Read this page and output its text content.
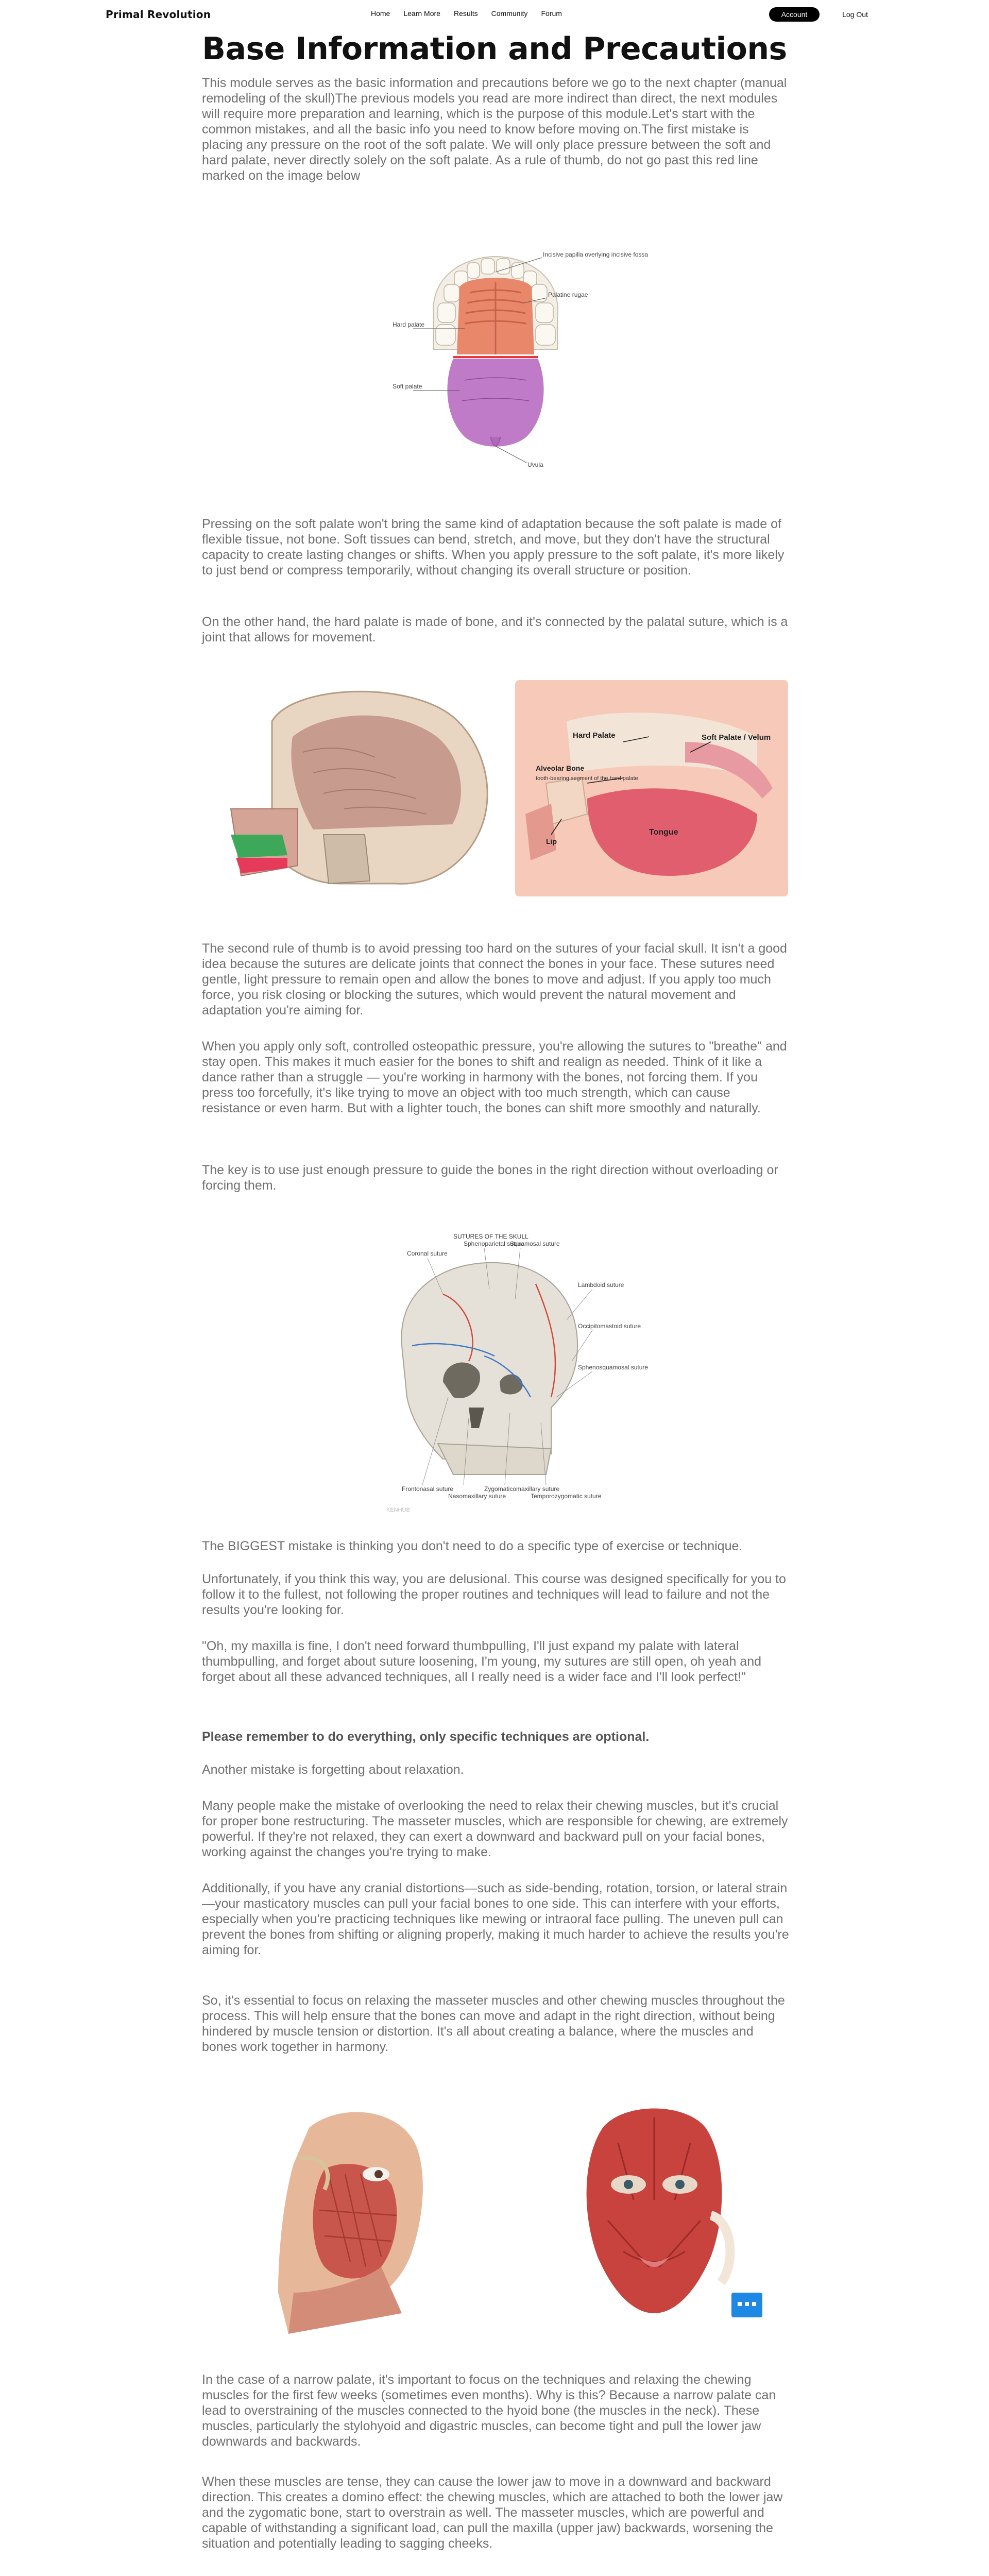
Primal Revolution	Home Learn More Results Community Forum	Account	Log Out
Base Information and Precautions

This module serves as the basic information and precautions before we go to the next chapter (manual remodeling of the skull)The previous models you read are more indirect than direct, the next modules will require more preparation and learning, which is the purpose of this module.Let's start with the common mistakes, and all the basic info you need to know before moving on.The first mistake is placing any pressure on the root of the soft palate. We will only place pressure between the soft and hard palate, never directly solely on the soft palate. As a rule of thumb, do not go past this red line marked on the image below

Incisive papilla overlying incisive fossa
Palatine rugae
Hard palate
Soft palate
Uvula

Pressing on the soft palate won't bring the same kind of adaptation because the soft palate is made of flexible tissue, not bone. Soft tissues can bend, stretch, and move, but they don't have the structural capacity to create lasting changes or shifts. When you apply pressure to the soft palate, it's more likely to just bend or compress temporarily, without changing its overall structure or position.

On the other hand, the hard palate is made of bone, and it's connected by the palatal suture, which is a joint that allows for movement.

Hard Palate	Soft Palate / Velum
Alveolar Bone
tooth-bearing segment of the hard palate
Lip
Tongue

The second rule of thumb is to avoid pressing too hard on the sutures of your facial skull. It isn't a good idea because the sutures are delicate joints that connect the bones in your face. These sutures need gentle, light pressure to remain open and allow the bones to move and adjust. If you apply too much force, you risk closing or blocking the sutures, which would prevent the natural movement and adaptation you're aiming for.

When you apply only soft, controlled osteopathic pressure, you're allowing the sutures to "breathe" and stay open. This makes it much easier for the bones to shift and realign as needed. Think of it like a dance rather than a struggle — you're working in harmony with the bones, not forcing them. If you press too forcefully, it's like trying to move an object with too much strength, which can cause resistance or even harm. But with a lighter touch, the bones can shift more smoothly and naturally.

The key is to use just enough pressure to guide the bones in the right direction without overloading or forcing them.

SUTURES OF THE SKULL
Coronal suture
Sphenoparietal suture
Squamosal suture
Lambdoid suture
Occipitomastoid suture
Sphenosquamosal suture
Frontonasal suture
Nasomaxillary suture
Zygomaticomaxillary suture
Temporozygomatic suture
KENHUB

The BIGGEST mistake is thinking you don't need to do a specific type of exercise or technique.

Unfortunately, if you think this way, you are delusional. This course was designed specifically for you to follow it to the fullest, not following the proper routines and techniques will lead to failure and not the results you're looking for.

"Oh, my maxilla is fine, I don't need forward thumbpulling, I'll just expand my palate with lateral thumbpulling, and forget about suture loosening, I'm young, my sutures are still open, oh yeah and forget about all these advanced techniques, all I really need is a wider face and I'll look perfect!"

Please remember to do everything, only specific techniques are optional.

Another mistake is forgetting about relaxation.

Many people make the mistake of overlooking the need to relax their chewing muscles, but it's crucial for proper bone restructuring. The masseter muscles, which are responsible for chewing, are extremely powerful. If they're not relaxed, they can exert a downward and backward pull on your facial bones, working against the changes you're trying to make.

Additionally, if you have any cranial distortions—such as side-bending, rotation, torsion, or lateral strain—your masticatory muscles can pull your facial bones to one side. This can interfere with your efforts, especially when you're practicing techniques like mewing or intraoral face pulling. The uneven pull can prevent the bones from shifting or aligning properly, making it much harder to achieve the results you're aiming for.

So, it's essential to focus on relaxing the masseter muscles and other chewing muscles throughout the process. This will help ensure that the bones can move and adapt in the right direction, without being hindered by muscle tension or distortion. It's all about creating a balance, where the muscles and bones work together in harmony.

In the case of a narrow palate, it's important to focus on the techniques and relaxing the chewing muscles for the first few weeks (sometimes even months). Why is this? Because a narrow palate can lead to overstraining of the muscles connected to the hyoid bone (the muscles in the neck). These muscles, particularly the stylohyoid and digastric muscles, can become tight and pull the lower jaw downwards and backwards.

When these muscles are tense, they can cause the lower jaw to move in a downward and backward direction. This creates a domino effect: the chewing muscles, which are attached to both the lower jaw and the zygomatic bone, start to overstrain as well. The masseter muscles, which are powerful and capable of withstanding a significant load, can pull the maxilla (upper jaw) backwards, worsening the situation and potentially leading to sagging cheeks.
